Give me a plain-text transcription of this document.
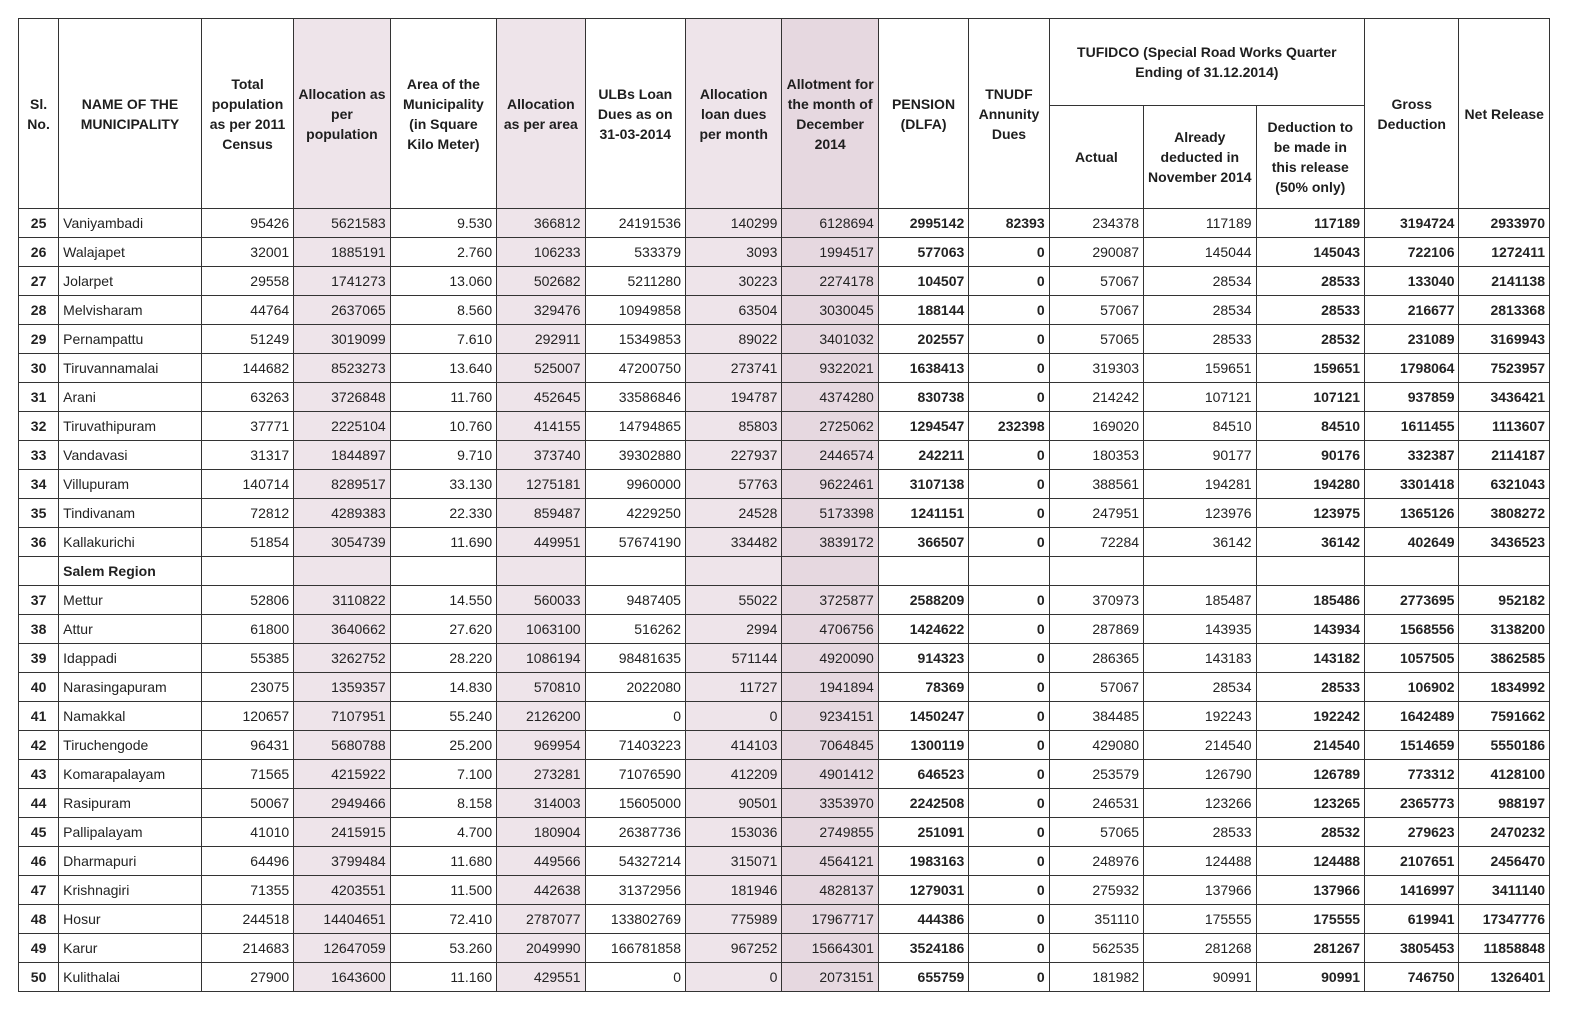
Sl. No.	NAME OF THE MUNICIPALITY	Total population as per 2011 Census	Allocation as per population	Area of the Municipality (in Square Kilo Meter)	Allocation as per area	ULBs Loan Dues as on 31-03-2014	Allocation loan dues per month	Allotment for the month of December 2014	PENSION (DLFA)	TNUDF Annunity Dues	TUFIDCO (Special Road Works Quarter Ending of 31.12.2014)			Gross Deduction	Net Release
											Actual	Already deducted in November 2014	Deduction to be made in this release (50% only)		
25	Vaniyambadi	95426	5621583	9.530	366812	24191536	140299	6128694	2995142	82393	234378	117189	117189	3194724	2933970
26	Walajapet	32001	1885191	2.760	106233	533379	3093	1994517	577063	0	290087	145044	145043	722106	1272411
27	Jolarpet	29558	1741273	13.060	502682	5211280	30223	2274178	104507	0	57067	28534	28533	133040	2141138
28	Melvisharam	44764	2637065	8.560	329476	10949858	63504	3030045	188144	0	57067	28534	28533	216677	2813368
29	Pernampattu	51249	3019099	7.610	292911	15349853	89022	3401032	202557	0	57065	28533	28532	231089	3169943
30	Tiruvannamalai	144682	8523273	13.640	525007	47200750	273741	9322021	1638413	0	319303	159651	159651	1798064	7523957
31	Arani	63263	3726848	11.760	452645	33586846	194787	4374280	830738	0	214242	107121	107121	937859	3436421
32	Tiruvathipuram	37771	2225104	10.760	414155	14794865	85803	2725062	1294547	232398	169020	84510	84510	1611455	1113607
33	Vandavasi	31317	1844897	9.710	373740	39302880	227937	2446574	242211	0	180353	90177	90176	332387	2114187
34	Villupuram	140714	8289517	33.130	1275181	9960000	57763	9622461	3107138	0	388561	194281	194280	3301418	6321043
35	Tindivanam	72812	4289383	22.330	859487	4229250	24528	5173398	1241151	0	247951	123976	123975	1365126	3808272
36	Kallakurichi	51854	3054739	11.690	449951	57674190	334482	3839172	366507	0	72284	36142	36142	402649	3436523
	Salem Region														
37	Mettur	52806	3110822	14.550	560033	9487405	55022	3725877	2588209	0	370973	185487	185486	2773695	952182
38	Attur	61800	3640662	27.620	1063100	516262	2994	4706756	1424622	0	287869	143935	143934	1568556	3138200
39	Idappadi	55385	3262752	28.220	1086194	98481635	571144	4920090	914323	0	286365	143183	143182	1057505	3862585
40	Narasingapuram	23075	1359357	14.830	570810	2022080	11727	1941894	78369	0	57067	28534	28533	106902	1834992
41	Namakkal	120657	7107951	55.240	2126200	0	0	9234151	1450247	0	384485	192243	192242	1642489	7591662
42	Tiruchengode	96431	5680788	25.200	969954	71403223	414103	7064845	1300119	0	429080	214540	214540	1514659	5550186
43	Komarapalayam	71565	4215922	7.100	273281	71076590	412209	4901412	646523	0	253579	126790	126789	773312	4128100
44	Rasipuram	50067	2949466	8.158	314003	15605000	90501	3353970	2242508	0	246531	123266	123265	2365773	988197
45	Pallipalayam	41010	2415915	4.700	180904	26387736	153036	2749855	251091	0	57065	28533	28532	279623	2470232
46	Dharmapuri	64496	3799484	11.680	449566	54327214	315071	4564121	1983163	0	248976	124488	124488	2107651	2456470
47	Krishnagiri	71355	4203551	11.500	442638	31372956	181946	4828137	1279031	0	275932	137966	137966	1416997	3411140
48	Hosur	244518	14404651	72.410	2787077	133802769	775989	17967717	444386	0	351110	175555	175555	619941	17347776
49	Karur	214683	12647059	53.260	2049990	166781858	967252	15664301	3524186	0	562535	281268	281267	3805453	11858848
50	Kulithalai	27900	1643600	11.160	429551	0	0	2073151	655759	0	181982	90991	90991	746750	1326401
